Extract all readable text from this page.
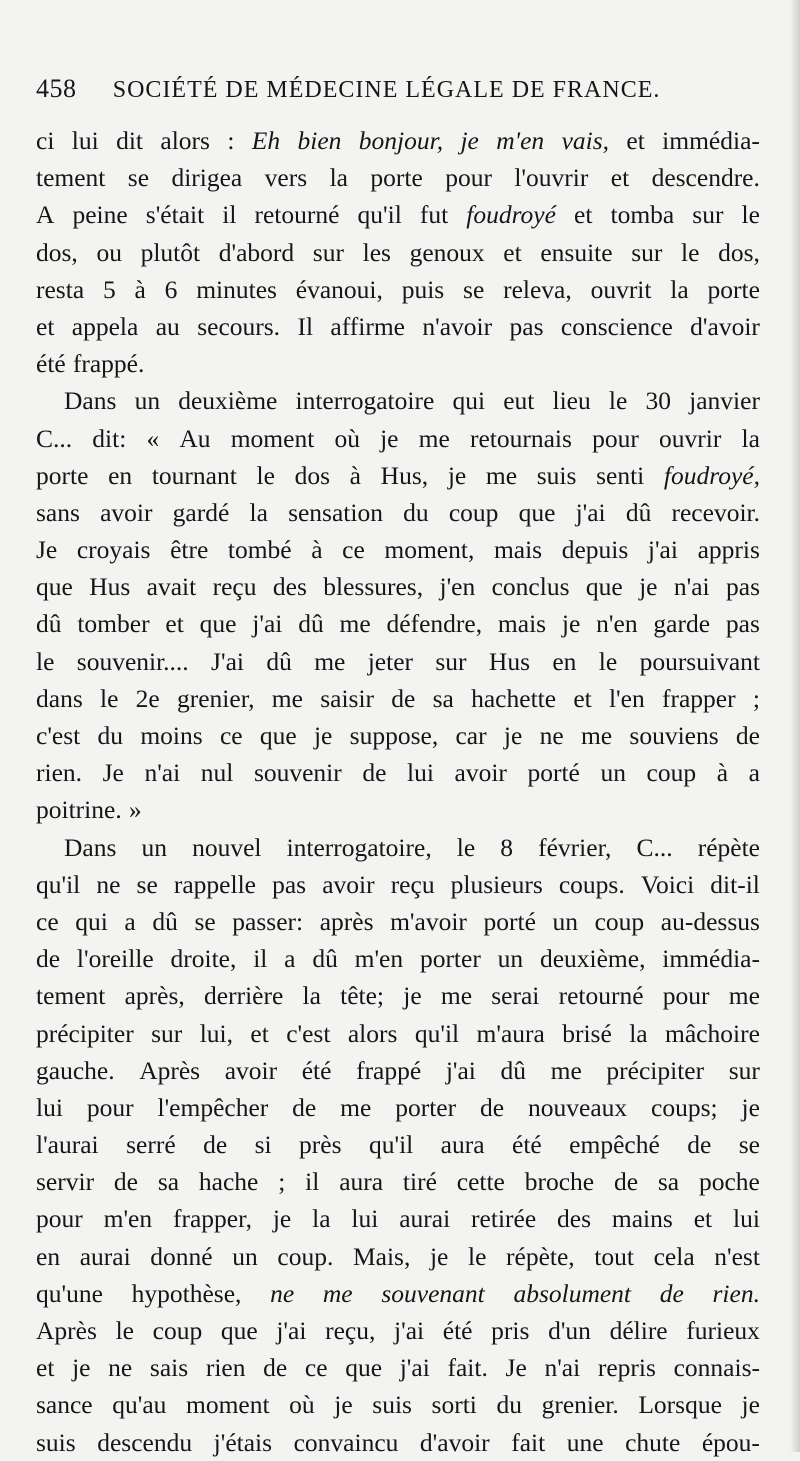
458 SOCIÉTÉ DE MÉDECINE LÉGALE DE FRANCE.
ci lui dit alors : Eh bien bonjour, je m'en vais, et immédia-
tement se dirigea vers la porte pour l'ouvrir et descendre.
A peine s'était il retourné qu'il fut foudroyé et tomba sur le
dos, ou plutôt d'abord sur les genoux et ensuite sur le dos,
resta 5 à 6 minutes évanoui, puis se releva, ouvrit la porte
et appela au secours. Il affirme n'avoir pas conscience d'avoir
été frappé.
Dans un deuxième interrogatoire qui eut lieu le 30 janvier
C... dit: « Au moment où je me retournais pour ouvrir la
porte en tournant le dos à Hus, je me suis senti foudroyé,
sans avoir gardé la sensation du coup que j'ai dû recevoir.
Je croyais être tombé à ce moment, mais depuis j'ai appris
que Hus avait reçu des blessures, j'en conclus que je n'ai pas
dû tomber et que j'ai dû me défendre, mais je n'en garde pas
le souvenir.... J'ai dû me jeter sur Hus en le poursuivant
dans le 2e grenier, me saisir de sa hachette et l'en frapper ;
c'est du moins ce que je suppose, car je ne me souviens de
rien. Je n'ai nul souvenir de lui avoir porté un coup à a
poitrine. »
Dans un nouvel interrogatoire, le 8 février, C... répète
qu'il ne se rappelle pas avoir reçu plusieurs coups. Voici dit-il
ce qui a dû se passer: après m'avoir porté un coup au-dessus
de l'oreille droite, il a dû m'en porter un deuxième, immédia-
tement après, derrière la tête; je me serai retourné pour me
précipiter sur lui, et c'est alors qu'il m'aura brisé la mâchoire
gauche. Après avoir été frappé j'ai dû me précipiter sur
lui pour l'empêcher de me porter de nouveaux coups; je
l'aurai serré de si près qu'il aura été empêché de se
servir de sa hache ; il aura tiré cette broche de sa poche
pour m'en frapper, je la lui aurai retirée des mains et lui
en aurai donné un coup. Mais, je le répète, tout cela n'est
qu'une hypothèse, ne me souvenant absolument de rien.
Après le coup que j'ai reçu, j'ai été pris d'un délire furieux
et je ne sais rien de ce que j'ai fait. Je n'ai repris connais-
sance qu'au moment où je suis sorti du grenier. Lorsque je
suis descendu j'étais convaincu d'avoir fait une chute épou-
